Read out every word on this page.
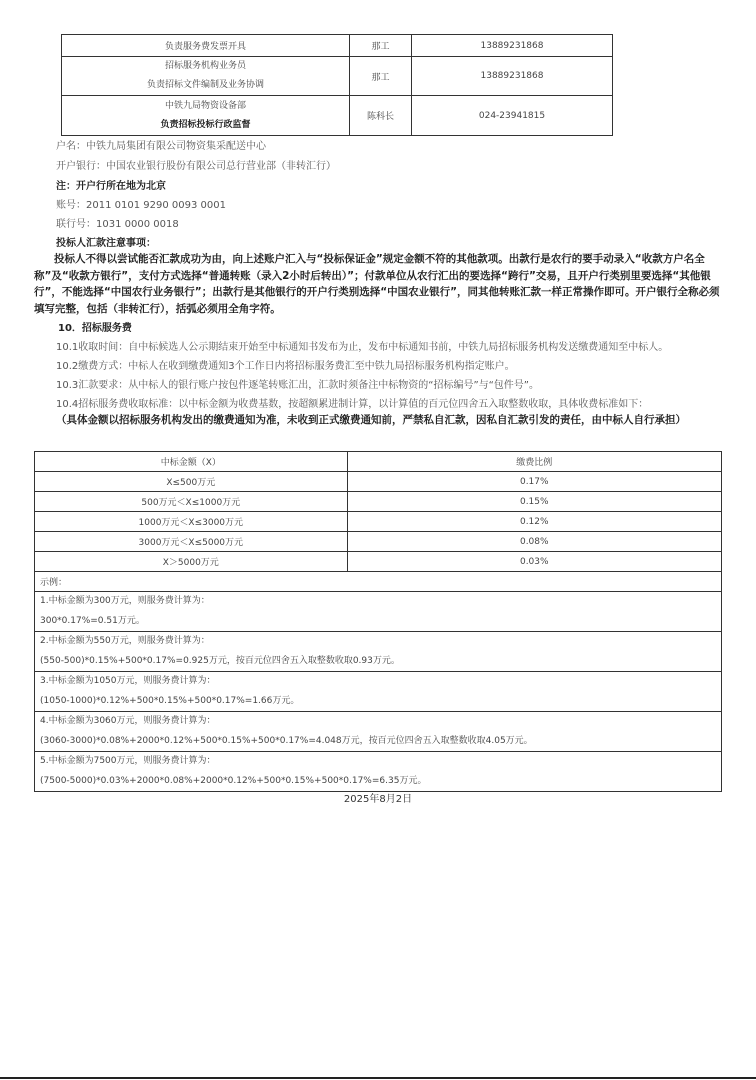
负责服务费发票开具	那工	13889231868

招标服务机构业务员
负责招标文件编制及业务协调	那工	13889231868

中铁九局物资设备部
负责招标投标行政监督	陈科长	024-23941815
户名：中铁九局集团有限公司物资集采配送中心
开户银行：中国农业银行股份有限公司总行营业部（非转汇行）
注：开户行所在地为北京
账号：2011 0101 9290 0093 0001
联行号：1031 0000 0018
投标人汇款注意事项：
投标人不得以尝试能否汇款成功为由，向上述账户汇入与“投标保证金”规定金额不符的其他款项。出款行是农行的要手动录入“收款方户名全称”及“收款方银行”，支付方式选择“普通转账（录入2小时后转出）”；付款单位从农行汇出的要选择“跨行”交易，且开户行类别里要选择“其他银行”，不能选择“中国农行业务银行”；出款行是其他银行的开户行类别选择“中国农业银行”，同其他转账汇款一样正常操作即可。开户银行全称必须填写完整，包括（非转汇行），括弧必须用全角字符。
10．招标服务费
10.1收取时间：自中标候选人公示期结束开始至中标通知书发布为止，发布中标通知书前，中铁九局招标服务机构发送缴费通知至中标人。
10.2缴费方式：中标人在收到缴费通知3个工作日内将招标服务费汇至中铁九局招标服务机构指定账户。
10.3汇款要求：从中标人的银行账户按包件逐笔转账汇出，汇款时须备注中标物资的“招标编号”与“包件号”。
10.4招标服务费收取标准：以中标金额为收费基数，按超额累进制计算，以计算值的百元位四舍五入取整数收取，具体收费标准如下：
（具体金额以招标服务机构发出的缴费通知为准，未收到正式缴费通知前，严禁私自汇款，因私自汇款引发的责任，由中标人自行承担）
中标金额（X）	缴费比例
X≤500万元	0.17%
500万元＜X≤1000万元	0.15%
1000万元＜X≤3000万元	0.12%
3000万元＜X≤5000万元	0.08%
X＞5000万元	0.03%
示例：	

1.中标金额为300万元，则服务费计算为：
300*0.17%=0.51万元。	

2.中标金额为550万元，则服务费计算为：
(550-500)*0.15%+500*0.17%=0.925万元，按百元位四舍五入取整数收取0.93万元。	

3.中标金额为1050万元，则服务费计算为：
(1050-1000)*0.12%+500*0.15%+500*0.17%=1.66万元。	

4.中标金额为3060万元，则服务费计算为：
(3060-3000)*0.08%+2000*0.12%+500*0.15%+500*0.17%=4.048万元，按百元位四舍五入取整数收取4.05万元。	

5.中标金额为7500万元，则服务费计算为：
(7500-5000)*0.03%+2000*0.08%+2000*0.12%+500*0.15%+500*0.17%=6.35万元。	
2025年8月2日
